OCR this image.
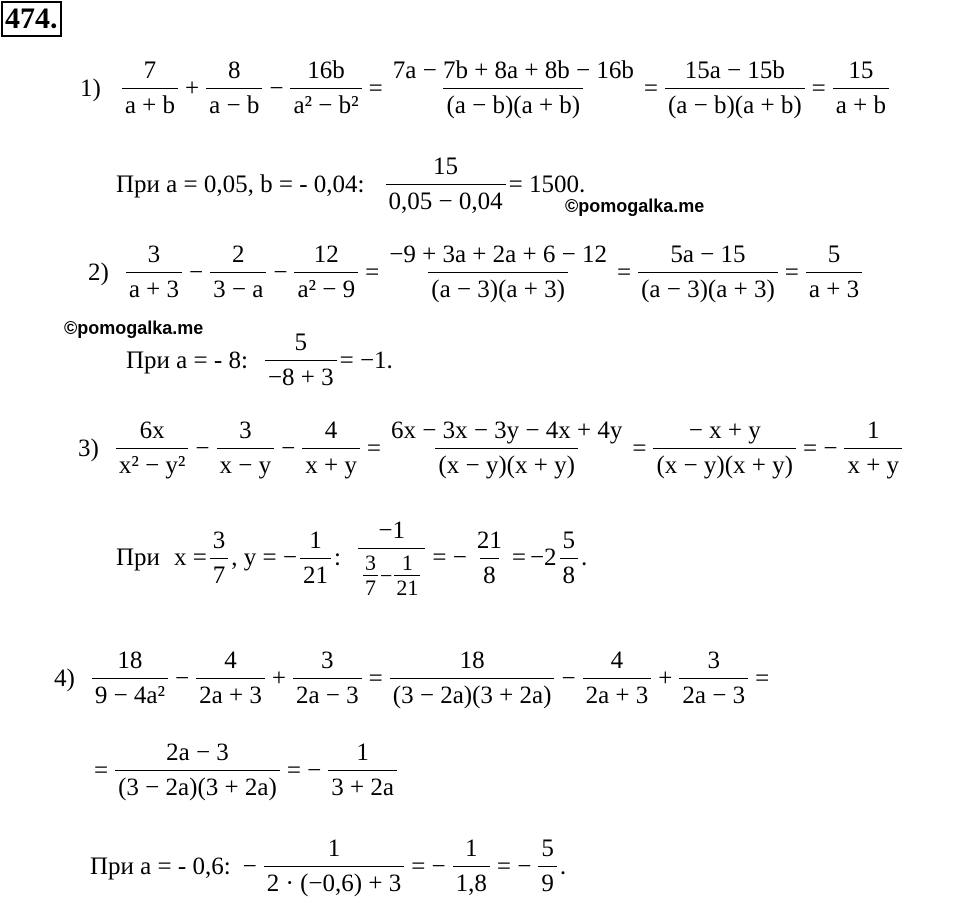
474.
$1) \frac{7}{a + b} + \frac{8}{a - b} - \frac{16b}{\text{a² − b²}} = \frac{7a - 7b + 8a + 8b - 16b}{(a - b)(a + b)} = \frac{15a - 15b}{(a - b)(a + b)} = \frac{15}{a + b}$
При a = 0,05, b = - 0,04: $\frac{15}{0,05 - 0,04} = 1500$.
©pomogalka.me
$2) \frac{3}{a + 3} - \frac{2}{3 - a} - \frac{12}{\text{a² − 9}} = \frac{-9 + 3a + 2a + 6 - 12}{(a - 3)(a + 3)} = \frac{5a - 15}{(a - 3)(a + 3)} = \frac{5}{a + 3}$
©pomogalka.me
При a = - 8: $\frac{5}{-8 + 3} = -1$.
$3) \frac{6x}{\text{x² − y²}} - \frac{3}{x - y} - \frac{4}{x + y} = \frac{6x - 3x - 3y - 4x + 4y}{(x - y)(x + y)} = \frac{- x + y}{(x - y)(x + y)}$ = − $\frac{1}{x + y}$
При $x = \frac{3}{7}$ , y = − $\frac{1}{21}$ : $\frac{-1}{\frac{3}{7} - \frac{1}{21}}$ = − $\frac{21}{8} = -2 \frac{5}{8}$ .
$4) \frac{18}{\text{9 − 4a²}} - \frac{4}{2a + 3} + \frac{3}{2a - 3} = \frac{18}{(3 - 2a)(3 + 2a)} - \frac{4}{2a + 3} + \frac{3}{2a - 3}$ =
= $\frac{2a - 3}{(3 - 2a)(3 + 2a)}$ = − $\frac{1}{3 + 2a}$
При a = - 0,6: − $\frac{1}{2 \cdot (-0,6) + 3}$ = − $\frac{1}{1,8}$ = − $\frac{5}{9}$ .
